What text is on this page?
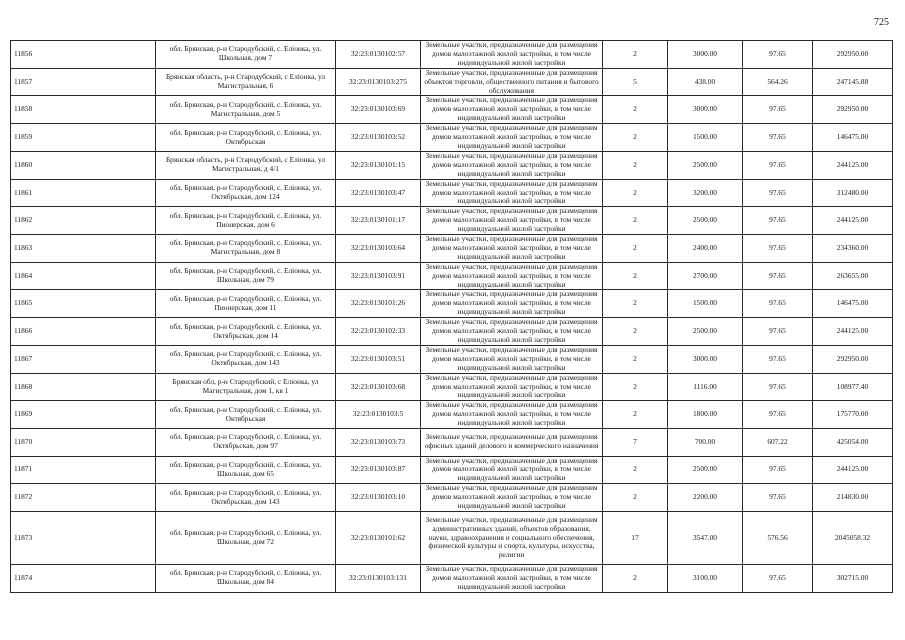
725
11856	обл. Брянская, р-н Стародубский, с. Еліонка, ул. Школьная, дом 7	32:23:0130102:57	Земельные участки, предназначенные для размещения домов малоэтажной жилой застройки, в том числе индивидуальной жилой застройки	2	3000.00	97.65	292950.00
11857	Брянская область, р-н Стародубский, с Еліонка, ул Магистральная, 6	32:23:0130103:275	Земельные участки, предназначенные для размещения объектов торговли, общественного питания и бытового обслуживания	5	438.00	564.26	247145.88
11858	обл. Брянская, р-н Стародубский, с. Еліонка, ул. Магистральная, дом 5	32:23:0130103:69	Земельные участки, предназначенные для размещения домов малоэтажной жилой застройки, в том числе индивидуальной жилой застройки	2	3000.00	97.65	292950.00
11859	обл. Брянская, р-н Стародубский, с. Еліонка, ул. Октябрьская	32:23:0130103:52	Земельные участки, предназначенные для размещения домов малоэтажной жилой застройки, в том числе индивидуальной жилой застройки	2	1500.00	97.65	146475.00
11860	Брянская область, р-н Стародубский, с Еліонка, ул Магистральная, д 4/1	32:23:0130101:15	Земельные участки, предназначенные для размещения домов малоэтажной жилой застройки, в том числе индивидуальной жилой застройки	2	2500.00	97.65	244125.00
11861	обл. Брянская, р-н Стародубский, с. Еліонка, ул. Октябрьская, дом 124	32:23:0130103:47	Земельные участки, предназначенные для размещения домов малоэтажной жилой застройки, в том числе индивидуальной жилой застройки	2	3200.00	97.65	312480.00
11862	обл. Брянская, р-н Стародубский, с. Еліонка, ул. Пионерская, дом 6	32:23:0130101:17	Земельные участки, предназначенные для размещения домов малоэтажной жилой застройки, в том числе индивидуальной жилой застройки	2	2500.00	97.65	244125.00
11863	обл. Брянская, р-н Стародубский, с. Еліонка, ул. Магистральная, дом 8	32:23:0130103:64	Земельные участки, предназначенные для размещения домов малоэтажной жилой застройки, в том числе индивидуальной жилой застройки	2	2400.00	97.65	234360.00
11864	обл. Брянская, р-н Стародубский, с. Еліонка, ул. Школьная, дом 79	32:23:0130103:91	Земельные участки, предназначенные для размещения домов малоэтажной жилой застройки, в том числе индивидуальной жилой застройки	2	2700.00	97.65	263655.00
11865	обл. Брянская, р-н Стародубский, с. Еліонка, ул. Пионерская, дом 11	32:23:0130101:26	Земельные участки, предназначенные для размещения домов малоэтажной жилой застройки, в том числе индивидуальной жилой застройки	2	1500.00	97.65	146475.00
11866	обл. Брянская, р-н Стародубский, с. Еліонка, ул. Октябрьская, дом 14	32:23:0130102:33	Земельные участки, предназначенные для размещения домов малоэтажной жилой застройки, в том числе индивидуальной жилой застройки	2	2500.00	97.65	244125.00
11867	обл. Брянская, р-н Стародубский, с. Еліонка, ул. Октябрьская, дом 143	32:23:0130103:51	Земельные участки, предназначенные для размещения домов малоэтажной жилой застройки, в том числе индивидуальной жилой застройки	2	3000.00	97.65	292950.00
11868	Брянская обл, р-н Стародубский, с Еліонка, ул Магистральная, дом 1, кв 1	32:23:0130103:68	Земельные участки, предназначенные для размещения домов малоэтажной жилой застройки, в том числе индивидуальной жилой застройки	2	1116.00	97.65	108977.40
11869	обл. Брянская, р-н Стародубский, с. Еліонка, ул. Октябрьская	32:23:0130103:5	Земельные участки, предназначенные для размещения домов малоэтажной жилой застройки, в том числе индивидуальной жилой застройки	2	1800.00	97.65	175770.00
11870	обл. Брянская, р-н Стародубский, с. Еліонка, ул. Октябрьская, дом 97	32:23:0130103:73	Земельные участки, предназначенные для размещения офисных зданий делового и коммерческого назначения	7	700.00	607.22	425054.00
11871	обл. Брянская, р-н Стародубский, с. Еліонка, ул. Школьная, дом 65	32:23:0130103:87	Земельные участки, предназначенные для размещения домов малоэтажной жилой застройки, в том числе индивидуальной жилой застройки	2	2500.00	97.65	244125.00
11872	обл. Брянская, р-н Стародубский, с. Еліонка, ул. Октябрьская, дом 143	32:23:0130103:10	Земельные участки, предназначенные для размещения домов малоэтажной жилой застройки, в том числе индивидуальной жилой застройки	2	2200.00	97.65	214830.00
11873	обл. Брянская, р-н Стародубский, с. Еліонка, ул. Школьная, дом 72	32:23:0130101:62	Земельные участки, предназначенные для размещения административных зданий, объектов образования, науки, здравоохранения и социального обеспечения, физической культуры и спорта, культуры, искусства, религии	17	3547.00	576.56	2045058.32
11874	обл. Брянская, р-н Стародубский, с. Еліонка, ул. Школьная, дом 84	32:23:0130103:131	Земельные участки, предназначенные для размещения домов малоэтажной жилой застройки, в том числе индивидуальной жилой застройки	2	3100.00	97.65	302715.00
